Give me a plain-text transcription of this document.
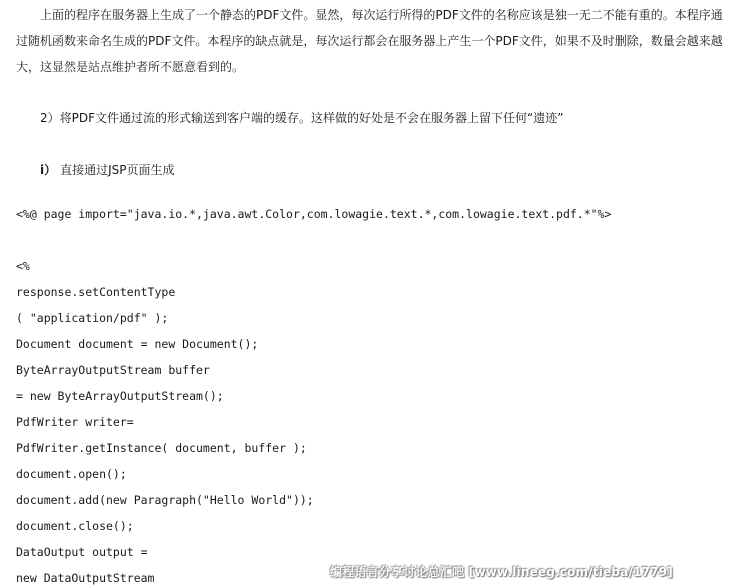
上面的程序在服务器上生成了一个静态的PDF文件。显然，每次运行所得的PDF文件的名称应该是独一无二不能有重的。本程序通过随机函数来命名生成的PDF文件。本程序的缺点就是，每次运行都会在服务器上产生一个PDF文件，如果不及时删除，数量会越来越大，这显然是站点维护者所不愿意看到的。

2）将PDF文件通过流的形式输送到客户端的缓存。这样做的好处是不会在服务器上留下任何“遗迹”

i） 直接通过JSP页面生成

<%@ page import="java.io.*,java.awt.Color,com.lowagie.text.*,com.lowagie.text.pdf.*"%>
<%
response.setContentType
( "application/pdf" );
Document document = new Document();
ByteArrayOutputStream buffer
= new ByteArrayOutputStream();
PdfWriter writer=
PdfWriter.getInstance( document, buffer );
document.open();
document.add(new Paragraph("Hello World"));
document.close();
DataOutput output =
new DataOutputStream	编程语言分享讨论总汇吧 [www.lineeg.com/tieba/1779]
